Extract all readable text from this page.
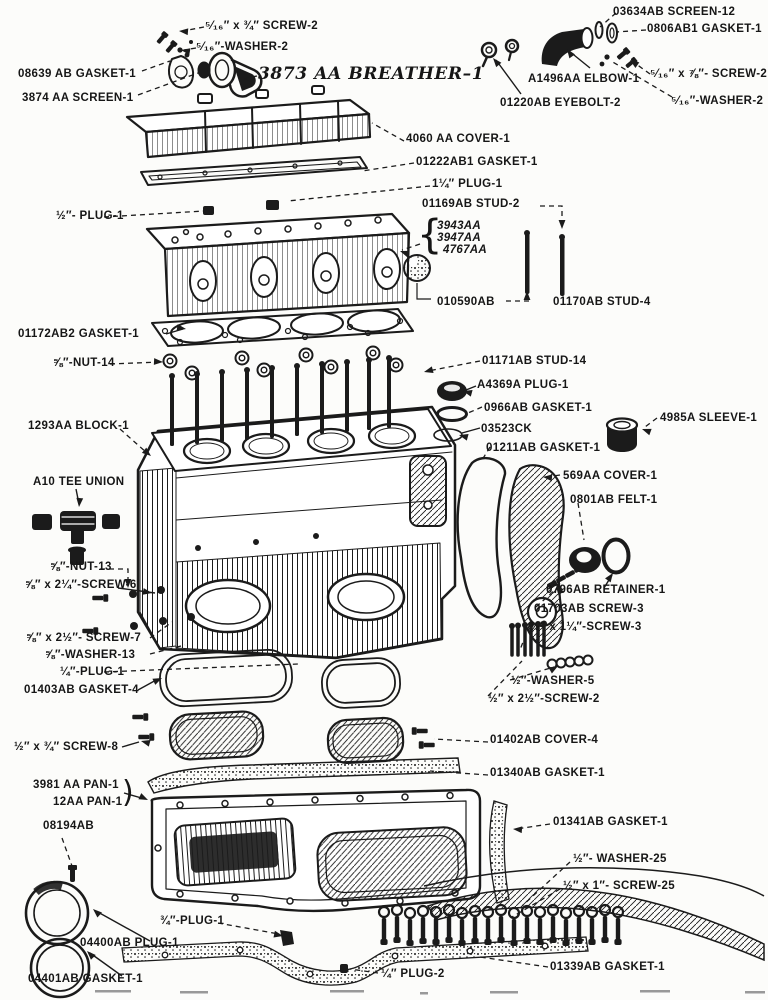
⁵⁄₁₆″ x ¾″ SCREW-2
⁵⁄₁₆″-WASHER-2
08639 AB GASKET-1
3874 AA SCREEN-1
3873 AA BREATHER–1
03634AB SCREEN-12
0806AB1 GASKET-1
A1496AA ELBOW-1
01220AB EYEBOLT-2
⁵⁄₁₆″ x ⅞″- SCREW-2
⁵⁄₁₆″-WASHER-2
4060 AA COVER-1
01222AB1 GASKET-1
1¼″ PLUG-1
01169AB STUD-2
{
3943AA
3947AA
4767AA
½″- PLUG-1
010590AB	01170AB STUD-4
01172AB2 GASKET-1
⅝″-NUT-14	01171AB STUD-14
A4369A PLUG-1
0966AB GASKET-1
03523CK
4985A SLEEVE-1
01211AB GASKET-1
1293AA BLOCK-1
569AA COVER-1
0801AB FELT-1
A10 TEE UNION
⅝″-NUT-13
⅝″ x 2¼″-SCREW-6	0796AB RETAINER-1
01703AB SCREW-3
½″ x 1¼″-SCREW-3
⅝″ x 2½″- SCREW-7
⅝″-WASHER-13
¼″-PLUG-1
01403AB GASKET-4
½″-WASHER-5
½″ x 2½″-SCREW-2
½″ x ¾″ SCREW-8
01402AB COVER-4
01340AB GASKET-1
3981 AA PAN-1
12AA PAN-1 )
08194AB	01341AB GASKET-1
½″- WASHER-25
½″ x 1″- SCREW-25
¾″-PLUG-1
04400AB PLUG-1
04401AB GASKET-1	¼″ PLUG-2
01339AB GASKET-1
